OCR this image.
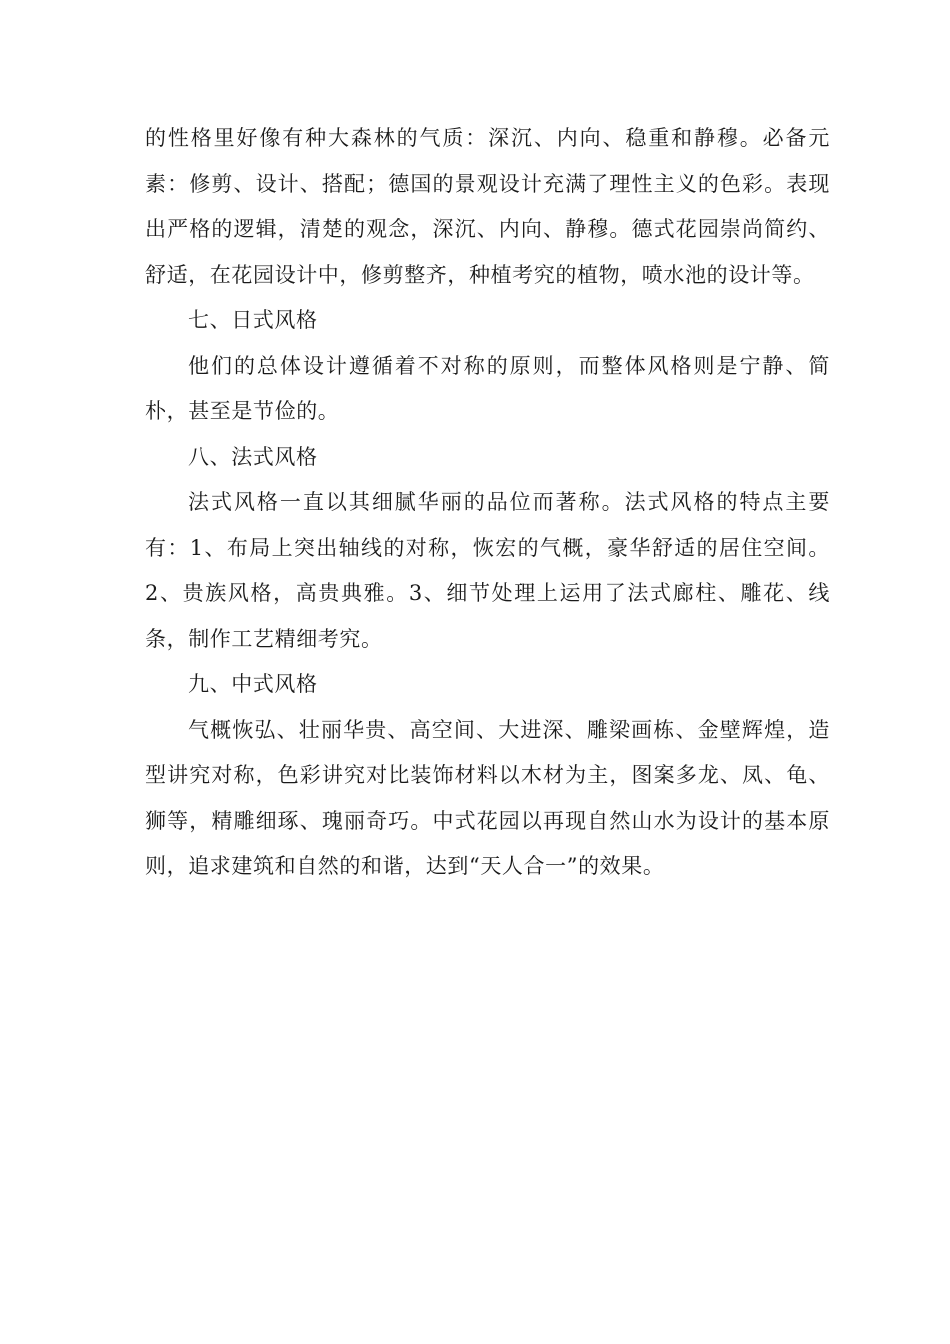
的性格里好像有种大森林的气质：深沉、内向、稳重和静穆。必备元素：修剪、设计、搭配；德国的景观设计充满了理性主义的色彩。表现出严格的逻辑，清楚的观念，深沉、内向、静穆。德式花园崇尚简约、舒适，在花园设计中，修剪整齐，种植考究的植物，喷水池的设计等。

七、日式风格

他们的总体设计遵循着不对称的原则，而整体风格则是宁静、简朴，甚至是节俭的。

八、法式风格

法式风格一直以其细腻华丽的品位而著称。法式风格的特点主要有：1、布局上突出轴线的对称，恢宏的气概，豪华舒适的居住空间。2、贵族风格，高贵典雅。3、细节处理上运用了法式廊柱、雕花、线条，制作工艺精细考究。

九、中式风格

气概恢弘、壮丽华贵、高空间、大进深、雕梁画栋、金壁辉煌，造型讲究对称，色彩讲究对比装饰材料以木材为主，图案多龙、凤、龟、狮等，精雕细琢、瑰丽奇巧。中式花园以再现自然山水为设计的基本原则，追求建筑和自然的和谐，达到“天人合一”的效果。
